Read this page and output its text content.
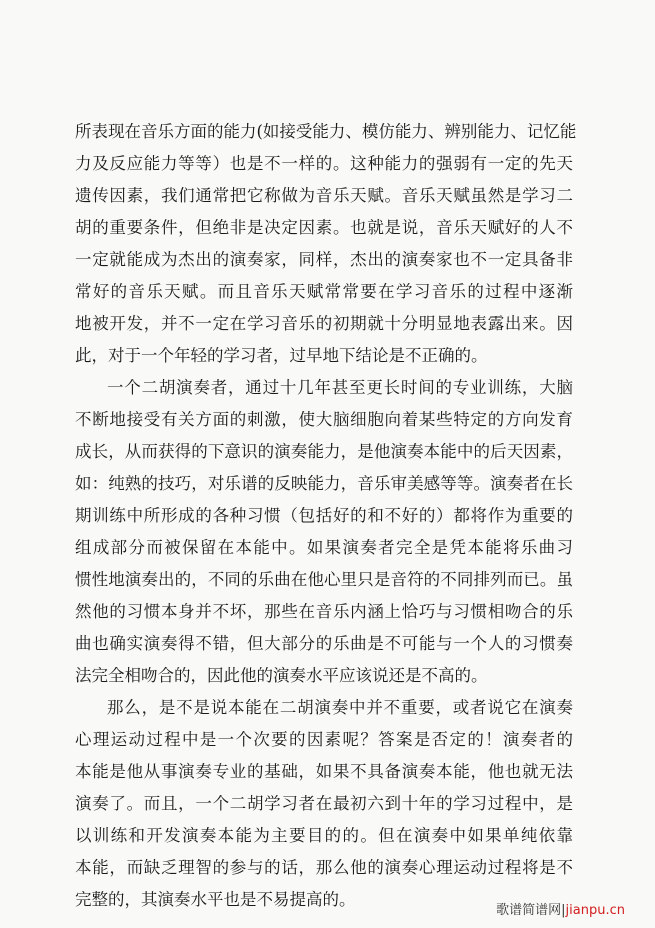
所表现在音乐方面的能力(如接受能力、模仿能力、辨别能力、记忆能
力及反应能力等等）也是不一样的。这种能力的强弱有一定的先天
遗传因素，我们通常把它称做为音乐天赋。音乐天赋虽然是学习二
胡的重要条件，但绝非是决定因素。也就是说，音乐天赋好的人不
一定就能成为杰出的演奏家，同样，杰出的演奏家也不一定具备非
常好的音乐天赋。而且音乐天赋常常要在学习音乐的过程中逐渐
地被开发，并不一定在学习音乐的初期就十分明显地表露出来。因
此，对于一个年轻的学习者，过早地下结论是不正确的。
一个二胡演奏者，通过十几年甚至更长时间的专业训练，大脑
不断地接受有关方面的刺激，使大脑细胞向着某些特定的方向发育
成长，从而获得的下意识的演奏能力，是他演奏本能中的后天因素，
如：纯熟的技巧，对乐谱的反映能力，音乐审美感等等。演奏者在长
期训练中所形成的各种习惯（包括好的和不好的）都将作为重要的
组成部分而被保留在本能中。如果演奏者完全是凭本能将乐曲习
惯性地演奏出的，不同的乐曲在他心里只是音符的不同排列而已。虽
然他的习惯本身并不坏，那些在音乐内涵上恰巧与习惯相吻合的乐
曲也确实演奏得不错，但大部分的乐曲是不可能与一个人的习惯奏
法完全相吻合的，因此他的演奏水平应该说还是不高的。
那么，是不是说本能在二胡演奏中并不重要，或者说它在演奏
心理运动过程中是一个次要的因素呢？答案是否定的！演奏者的
本能是他从事演奏专业的基础，如果不具备演奏本能，他也就无法
演奏了。而且，一个二胡学习者在最初六到十年的学习过程中，是
以训练和开发演奏本能为主要目的的。但在演奏中如果单纯依靠
本能，而缺乏理智的参与的话，那么他的演奏心理运动过程将是不
完整的，其演奏水平也是不易提高的。
歌谱简谱网|jianpu.cn
